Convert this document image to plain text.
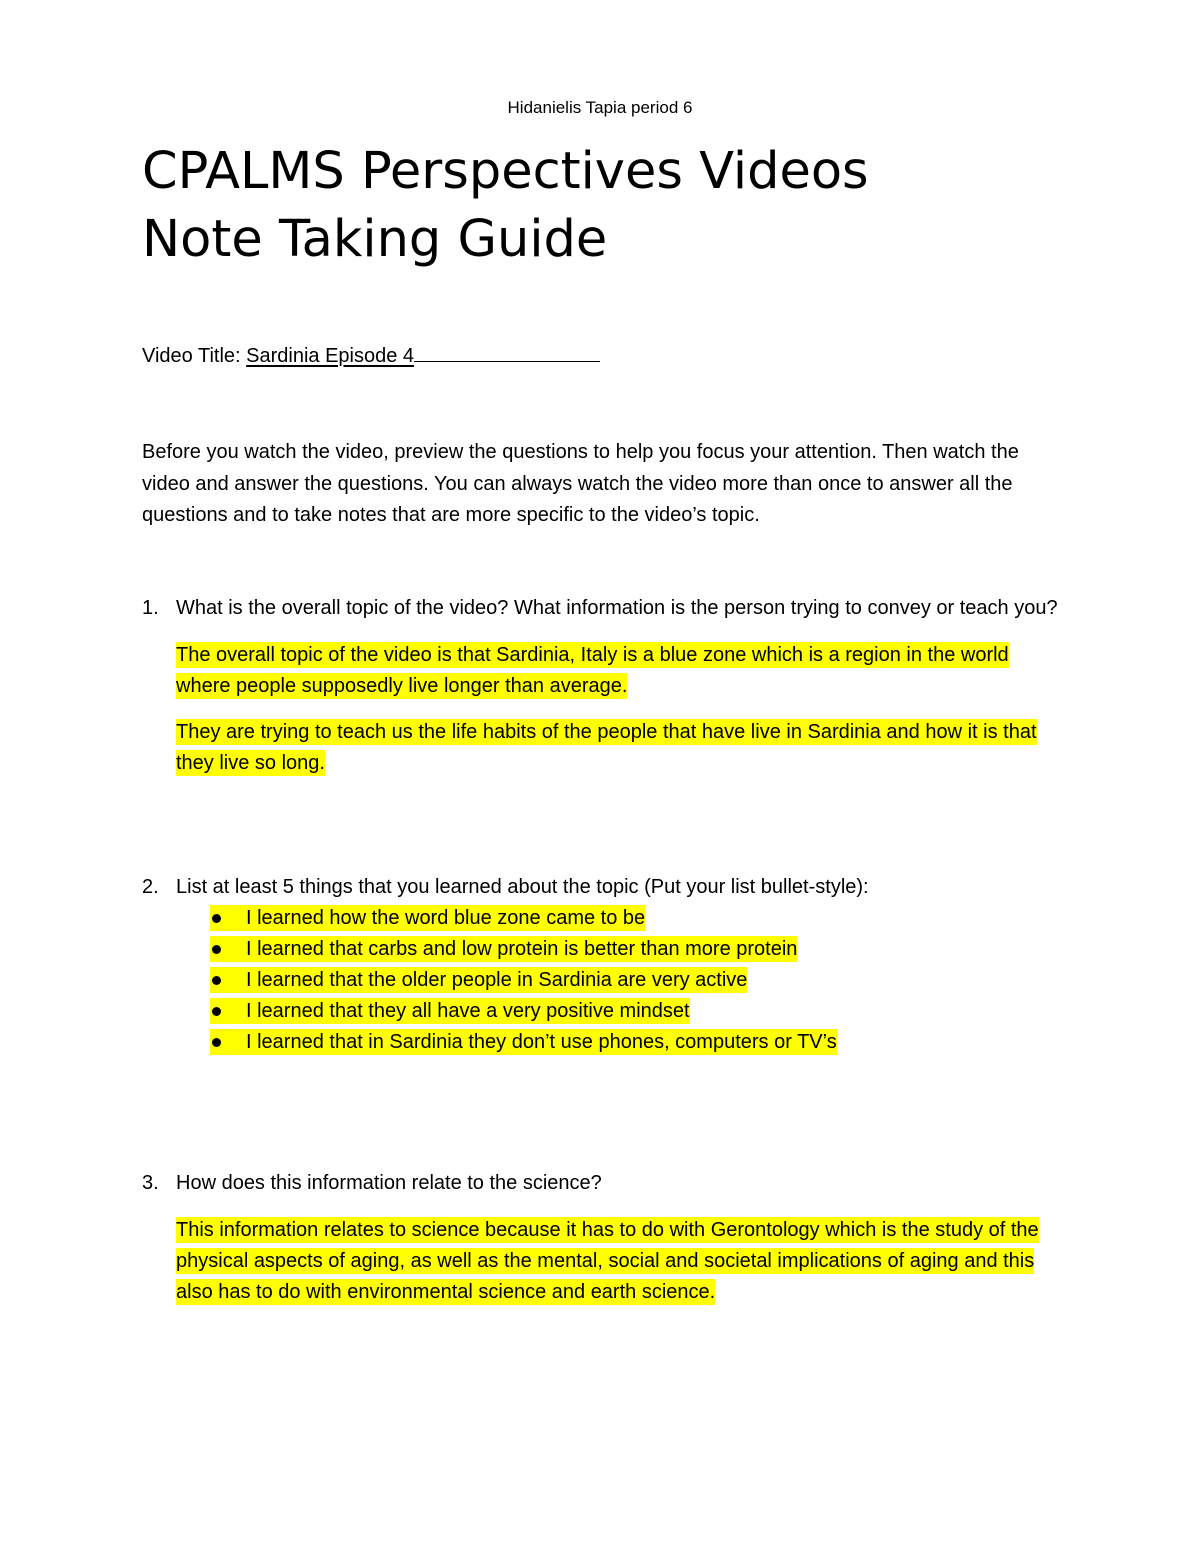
Hidanielis Tapia period 6
CPALMS Perspectives Videos
Note Taking Guide
Video Title: Sardinia Episode 4

Before you watch the video, preview the questions to help you focus your attention. Then watch the video and answer the questions. You can always watch the video more than once to answer all the questions and to take notes that are more specific to the video’s topic.

1. What is the overall topic of the video? What information is the person trying to convey or teach you?
The overall topic of the video is that Sardinia, Italy is a blue zone which is a region in the world where people supposedly live longer than average.
They are trying to teach us the life habits of the people that have live in Sardinia and how it is that they live so long.
2. List at least 5 things that you learned about the topic (Put your list bullet-style):
I learned how the word blue zone came to be
I learned that carbs and low protein is better than more protein
I learned that the older people in Sardinia are very active
I learned that they all have a very positive mindset
I learned that in Sardinia they don’t use phones, computers or TV’s
3. How does this information relate to the science?
This information relates to science because it has to do with Gerontology which is the study of the physical aspects of aging, as well as the mental, social and societal implications of aging and this also has to do with environmental science and earth science.
